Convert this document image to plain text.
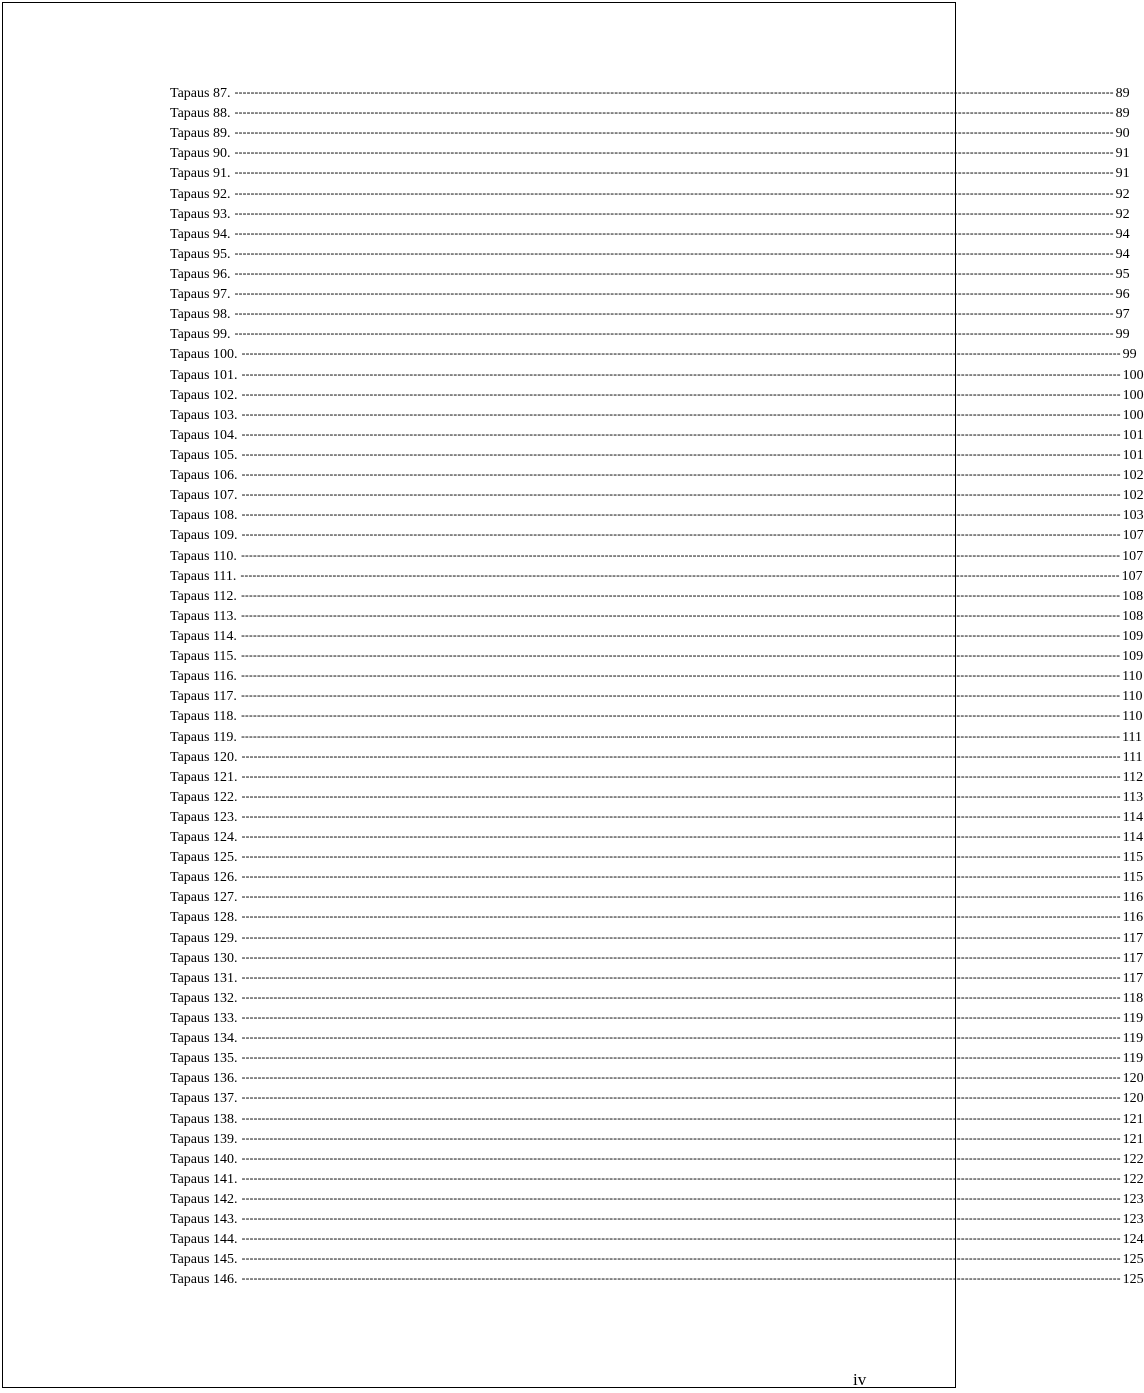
Tapaus 87. ---------------------------------------------------------------------------------------------------------------------------------------------------------------------------------------------------------------------------- 89
Tapaus 88. ---------------------------------------------------------------------------------------------------------------------------------------------------------------------------------------------------------------------------- 89
Tapaus 89. ---------------------------------------------------------------------------------------------------------------------------------------------------------------------------------------------------------------------------- 90
Tapaus 90. ---------------------------------------------------------------------------------------------------------------------------------------------------------------------------------------------------------------------------- 91
Tapaus 91. ---------------------------------------------------------------------------------------------------------------------------------------------------------------------------------------------------------------------------- 91
Tapaus 92. ---------------------------------------------------------------------------------------------------------------------------------------------------------------------------------------------------------------------------- 92
Tapaus 93. ---------------------------------------------------------------------------------------------------------------------------------------------------------------------------------------------------------------------------- 92
Tapaus 94. ---------------------------------------------------------------------------------------------------------------------------------------------------------------------------------------------------------------------------- 94
Tapaus 95. ---------------------------------------------------------------------------------------------------------------------------------------------------------------------------------------------------------------------------- 94
Tapaus 96. ---------------------------------------------------------------------------------------------------------------------------------------------------------------------------------------------------------------------------- 95
Tapaus 97. ---------------------------------------------------------------------------------------------------------------------------------------------------------------------------------------------------------------------------- 96
Tapaus 98. ---------------------------------------------------------------------------------------------------------------------------------------------------------------------------------------------------------------------------- 97
Tapaus 99. ---------------------------------------------------------------------------------------------------------------------------------------------------------------------------------------------------------------------------- 99
Tapaus 100. ---------------------------------------------------------------------------------------------------------------------------------------------------------------------------------------------------------------------------- 99
Tapaus 101. ---------------------------------------------------------------------------------------------------------------------------------------------------------------------------------------------------------------------------- 100
Tapaus 102. ---------------------------------------------------------------------------------------------------------------------------------------------------------------------------------------------------------------------------- 100
Tapaus 103. ---------------------------------------------------------------------------------------------------------------------------------------------------------------------------------------------------------------------------- 100
Tapaus 104. ---------------------------------------------------------------------------------------------------------------------------------------------------------------------------------------------------------------------------- 101
Tapaus 105. ---------------------------------------------------------------------------------------------------------------------------------------------------------------------------------------------------------------------------- 101
Tapaus 106. ---------------------------------------------------------------------------------------------------------------------------------------------------------------------------------------------------------------------------- 102
Tapaus 107. ---------------------------------------------------------------------------------------------------------------------------------------------------------------------------------------------------------------------------- 102
Tapaus 108. ---------------------------------------------------------------------------------------------------------------------------------------------------------------------------------------------------------------------------- 103
Tapaus 109. ---------------------------------------------------------------------------------------------------------------------------------------------------------------------------------------------------------------------------- 107
Tapaus 110. ---------------------------------------------------------------------------------------------------------------------------------------------------------------------------------------------------------------------------- 107
Tapaus 111. ---------------------------------------------------------------------------------------------------------------------------------------------------------------------------------------------------------------------------- 107
Tapaus 112. ---------------------------------------------------------------------------------------------------------------------------------------------------------------------------------------------------------------------------- 108
Tapaus 113. ---------------------------------------------------------------------------------------------------------------------------------------------------------------------------------------------------------------------------- 108
Tapaus 114. ---------------------------------------------------------------------------------------------------------------------------------------------------------------------------------------------------------------------------- 109
Tapaus 115. ---------------------------------------------------------------------------------------------------------------------------------------------------------------------------------------------------------------------------- 109
Tapaus 116. ---------------------------------------------------------------------------------------------------------------------------------------------------------------------------------------------------------------------------- 110
Tapaus 117. ---------------------------------------------------------------------------------------------------------------------------------------------------------------------------------------------------------------------------- 110
Tapaus 118. ---------------------------------------------------------------------------------------------------------------------------------------------------------------------------------------------------------------------------- 110
Tapaus 119. ---------------------------------------------------------------------------------------------------------------------------------------------------------------------------------------------------------------------------- 111
Tapaus 120. ---------------------------------------------------------------------------------------------------------------------------------------------------------------------------------------------------------------------------- 111
Tapaus 121. ---------------------------------------------------------------------------------------------------------------------------------------------------------------------------------------------------------------------------- 112
Tapaus 122. ---------------------------------------------------------------------------------------------------------------------------------------------------------------------------------------------------------------------------- 113
Tapaus 123. ---------------------------------------------------------------------------------------------------------------------------------------------------------------------------------------------------------------------------- 114
Tapaus 124. ---------------------------------------------------------------------------------------------------------------------------------------------------------------------------------------------------------------------------- 114
Tapaus 125. ---------------------------------------------------------------------------------------------------------------------------------------------------------------------------------------------------------------------------- 115
Tapaus 126. ---------------------------------------------------------------------------------------------------------------------------------------------------------------------------------------------------------------------------- 115
Tapaus 127. ---------------------------------------------------------------------------------------------------------------------------------------------------------------------------------------------------------------------------- 116
Tapaus 128. ---------------------------------------------------------------------------------------------------------------------------------------------------------------------------------------------------------------------------- 116
Tapaus 129. ---------------------------------------------------------------------------------------------------------------------------------------------------------------------------------------------------------------------------- 117
Tapaus 130. ---------------------------------------------------------------------------------------------------------------------------------------------------------------------------------------------------------------------------- 117
Tapaus 131. ---------------------------------------------------------------------------------------------------------------------------------------------------------------------------------------------------------------------------- 117
Tapaus 132. ---------------------------------------------------------------------------------------------------------------------------------------------------------------------------------------------------------------------------- 118
Tapaus 133. ---------------------------------------------------------------------------------------------------------------------------------------------------------------------------------------------------------------------------- 119
Tapaus 134. ---------------------------------------------------------------------------------------------------------------------------------------------------------------------------------------------------------------------------- 119
Tapaus 135. ---------------------------------------------------------------------------------------------------------------------------------------------------------------------------------------------------------------------------- 119
Tapaus 136. ---------------------------------------------------------------------------------------------------------------------------------------------------------------------------------------------------------------------------- 120
Tapaus 137. ---------------------------------------------------------------------------------------------------------------------------------------------------------------------------------------------------------------------------- 120
Tapaus 138. ---------------------------------------------------------------------------------------------------------------------------------------------------------------------------------------------------------------------------- 121
Tapaus 139. ---------------------------------------------------------------------------------------------------------------------------------------------------------------------------------------------------------------------------- 121
Tapaus 140. ---------------------------------------------------------------------------------------------------------------------------------------------------------------------------------------------------------------------------- 122
Tapaus 141. ---------------------------------------------------------------------------------------------------------------------------------------------------------------------------------------------------------------------------- 122
Tapaus 142. ---------------------------------------------------------------------------------------------------------------------------------------------------------------------------------------------------------------------------- 123
Tapaus 143. ---------------------------------------------------------------------------------------------------------------------------------------------------------------------------------------------------------------------------- 123
Tapaus 144. ---------------------------------------------------------------------------------------------------------------------------------------------------------------------------------------------------------------------------- 124
Tapaus 145. ---------------------------------------------------------------------------------------------------------------------------------------------------------------------------------------------------------------------------- 125
Tapaus 146. ---------------------------------------------------------------------------------------------------------------------------------------------------------------------------------------------------------------------------- 125
iv
